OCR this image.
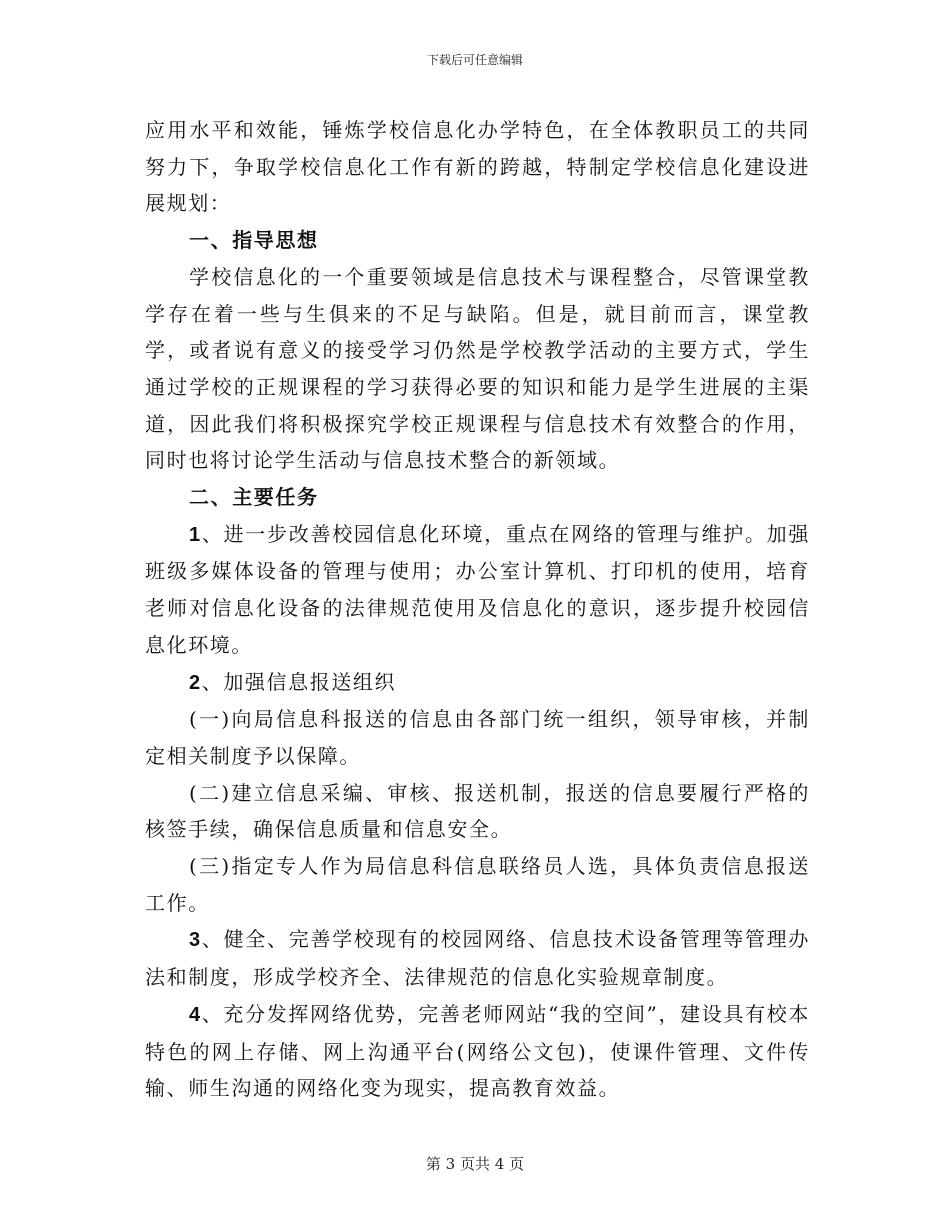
下载后可任意编辑

应用水平和效能，锤炼学校信息化办学特色，在全体教职员工的共同努力下，争取学校信息化工作有新的跨越，特制定学校信息化建设进展规划：

一、指导思想

学校信息化的一个重要领域是信息技术与课程整合，尽管课堂教学存在着一些与生俱来的不足与缺陷。但是，就目前而言，课堂教学，或者说有意义的接受学习仍然是学校教学活动的主要方式，学生通过学校的正规课程的学习获得必要的知识和能力是学生进展的主渠道，因此我们将积极探究学校正规课程与信息技术有效整合的作用，同时也将讨论学生活动与信息技术整合的新领域。

二、主要任务

1、进一步改善校园信息化环境，重点在网络的管理与维护。加强班级多媒体设备的管理与使用；办公室计算机、打印机的使用，培育老师对信息化设备的法律规范使用及信息化的意识，逐步提升校园信息化环境。

2、加强信息报送组织

(一)向局信息科报送的信息由各部门统一组织，领导审核，并制定相关制度予以保障。

(二)建立信息采编、审核、报送机制，报送的信息要履行严格的核签手续，确保信息质量和信息安全。

(三)指定专人作为局信息科信息联络员人选，具体负责信息报送工作。

3、健全、完善学校现有的校园网络、信息技术设备管理等管理办法和制度，形成学校齐全、法律规范的信息化实验规章制度。

4、充分发挥网络优势，完善老师网站“我的空间”，建设具有校本特色的网上存储、网上沟通平台(网络公文包)，使课件管理、文件传输、师生沟通的网络化变为现实，提高教育效益。

第 3 页共 4 页
